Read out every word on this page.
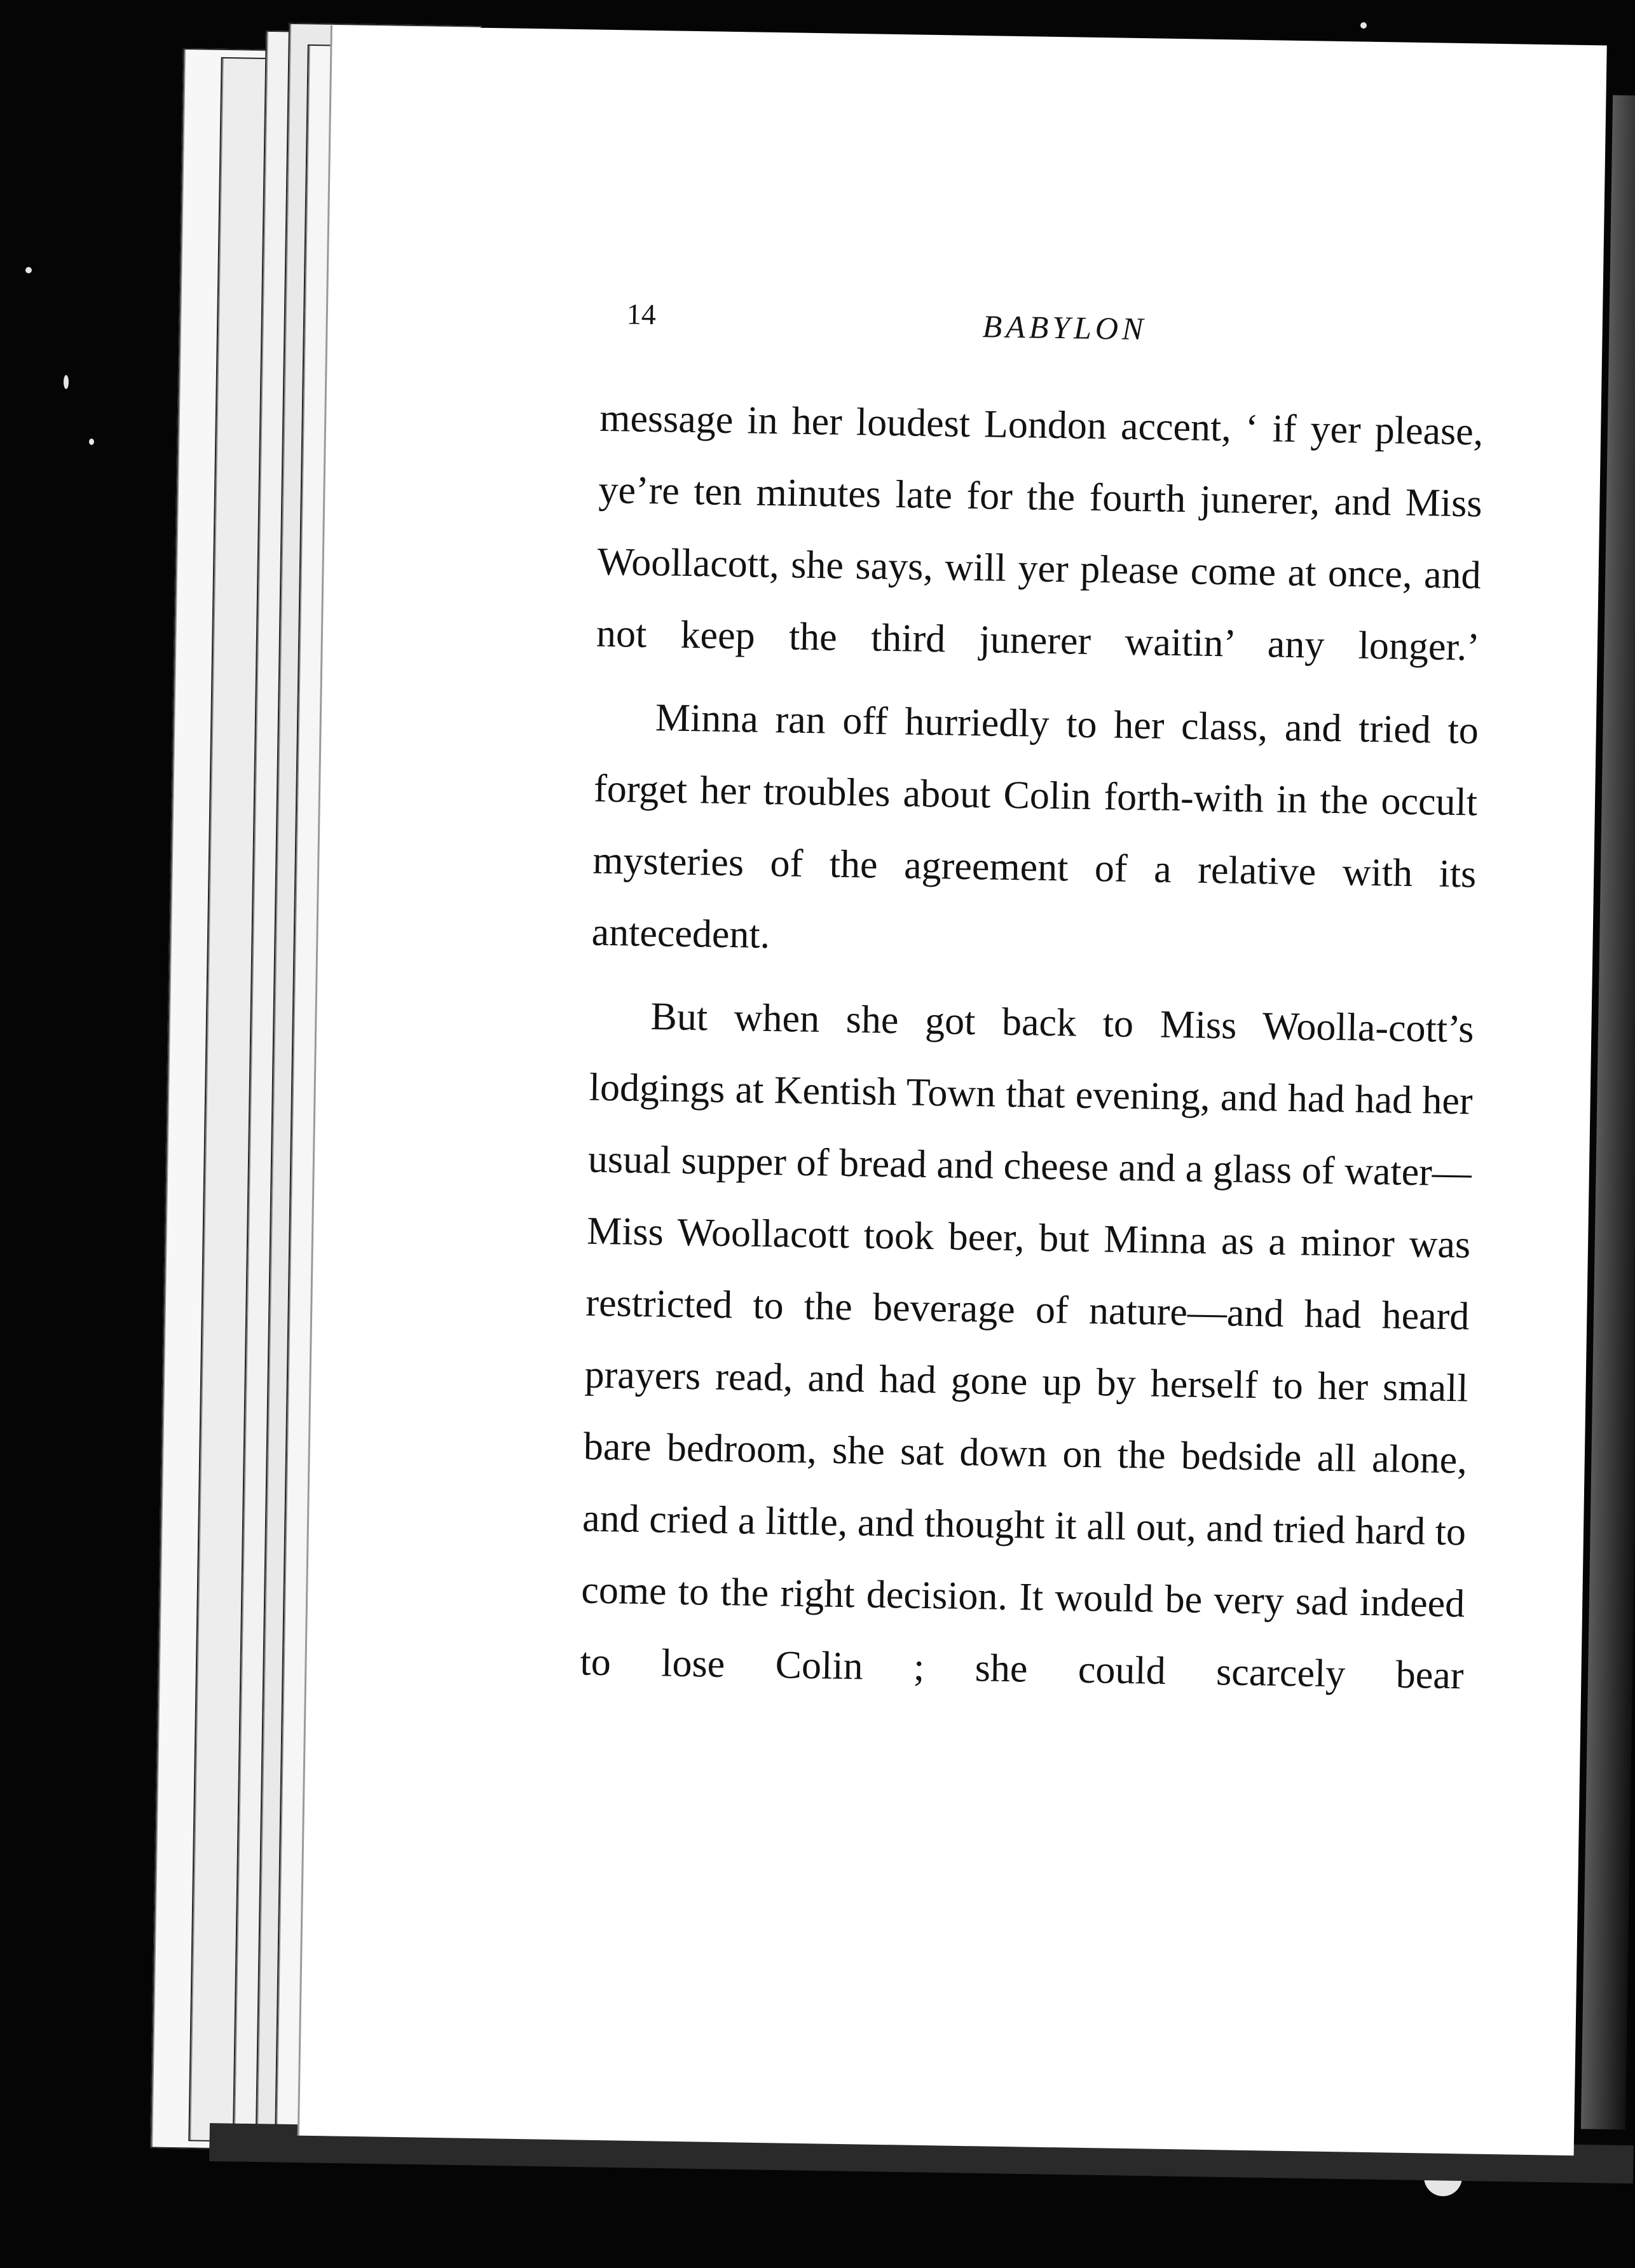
14	BABYLON

message in her loudest London accent, ‘ if yer please, ye’re ten minutes late for the fourth junerer, and Miss Woollacott, she says, will yer please come at once, and not keep the third junerer waitin’ any longer.’

Minna ran off hurriedly to her class, and tried to forget her troubles about Colin forth-with in the occult mysteries of the agreement of a relative with its antecedent.

But when she got back to Miss Woolla-cott’s lodgings at Kentish Town that evening, and had had her usual supper of bread and cheese and a glass of water—Miss Woollacott took beer, but Minna as a minor was restricted to the beverage of nature—and had heard prayers read, and had gone up by herself to her small bare bedroom, she sat down on the bedside all alone, and cried a little, and thought it all out, and tried hard to come to the right decision. It would be very sad indeed to lose Colin ; she could scarcely bear
